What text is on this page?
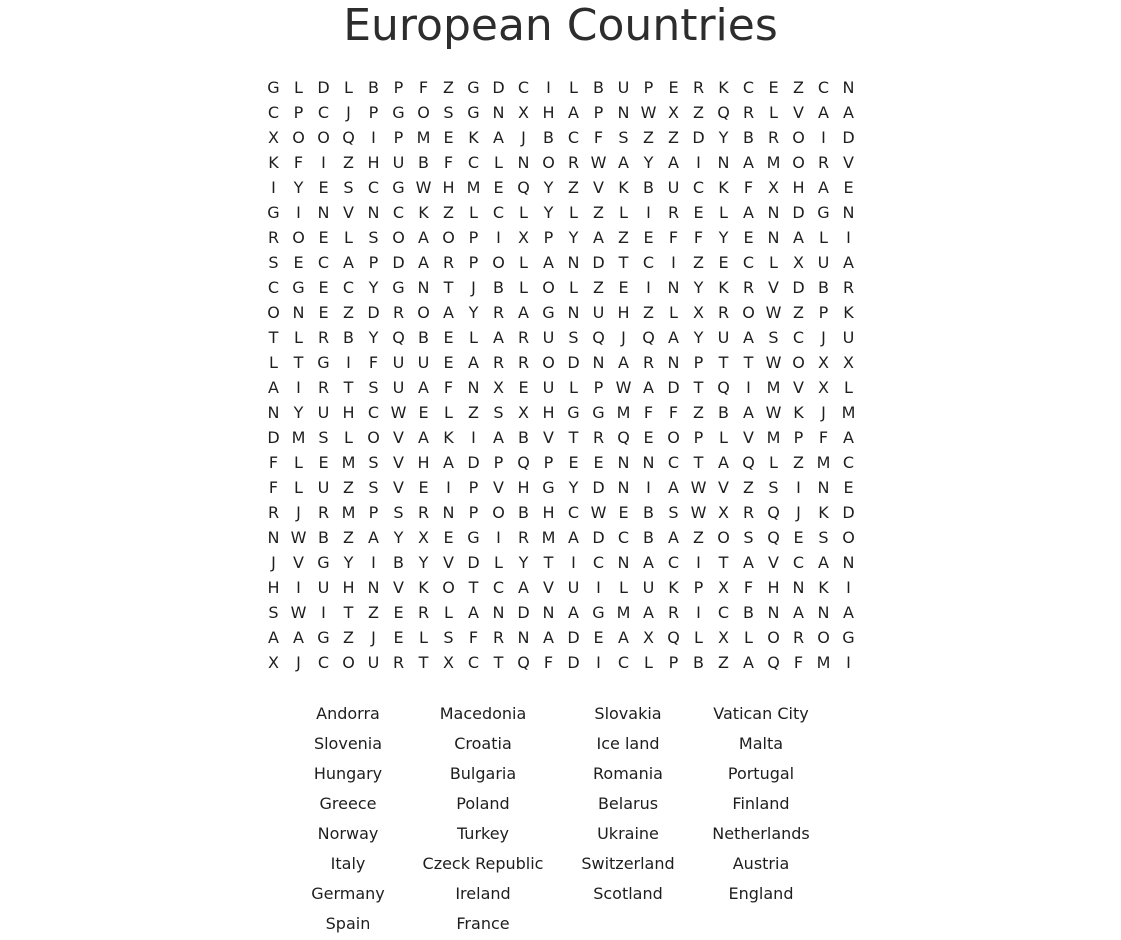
European Countries
G L D L B P F Z G D C	I	L B U P E R K C E Z C N
C P C	J	P G O S G N X H A P N W X Z Q R L V A A
X O O Q	I	P M E K A	J	B C F S Z Z D Y B R O	I	D
K F	I	Z H U B F C L N O R W A Y A	I	N A M O R V
I	Y E S C G W H M E Q Y Z V K B U C K F X H A E
G	I	N V N C K Z L C L Y L Z L	I	R E L A N D G N
R O E L S O A O P	I	X P Y A Z E F F Y E N A L	I
S E C A P D A R P O L A N D T C	I	Z E C L X U A
C G E C Y G N T	J	B L O L Z E	I	N Y K R V D B R
O N E Z D R O A Y R A G N U H Z L X R O W Z P K
T L R B Y Q B E L A R U S Q	J	Q A Y U A S C	J	U
L T G	I	F U U E A R R O D N A R N P T T W O X X
A	I	R T S U A F N X E U L P W A D T Q	I M V X L
N Y U H C W E L Z S X H G G M F F Z B A W K	J M
D M S L O V A K	I	A B V T R Q E O P L V M P F A
F L E M S V H A D P Q P E E N N C T A Q L Z M C
F L U Z S V E	I	P V H G Y D N	I	A W V Z S	I	N E
R	J	R M P S R N P O B H C W E B S W X R Q	J	K D
N W B Z A Y X E G	I	R M A D C B A Z O S Q E S O
J	V G Y	I	B Y V D L Y T	I	C N A C	I	T A V C A N
H	I	U H N V K O T C A V U	I	L U K P X F H N K	I
S W I	T Z E R L A N D N A G M A R	I	C B N A N A
A A G Z	J	E L S F R N A D E A X Q L X L O R O G
X	J	C O U R T X C T Q F D	I	C L P B Z A Q F M I
Andorra	Macedonia	Slovakia	Vatican City
Slovenia	Croatia	Ice land	Malta
Hungary	Bulgaria	Romania	Portugal
Greece	Poland	Belarus	Finland
Norway	Turkey	Ukraine	Netherlands
Italy	Czeck Republic	Switzerland	Austria
Germany	Ireland	Scotland	England
Spain	France
